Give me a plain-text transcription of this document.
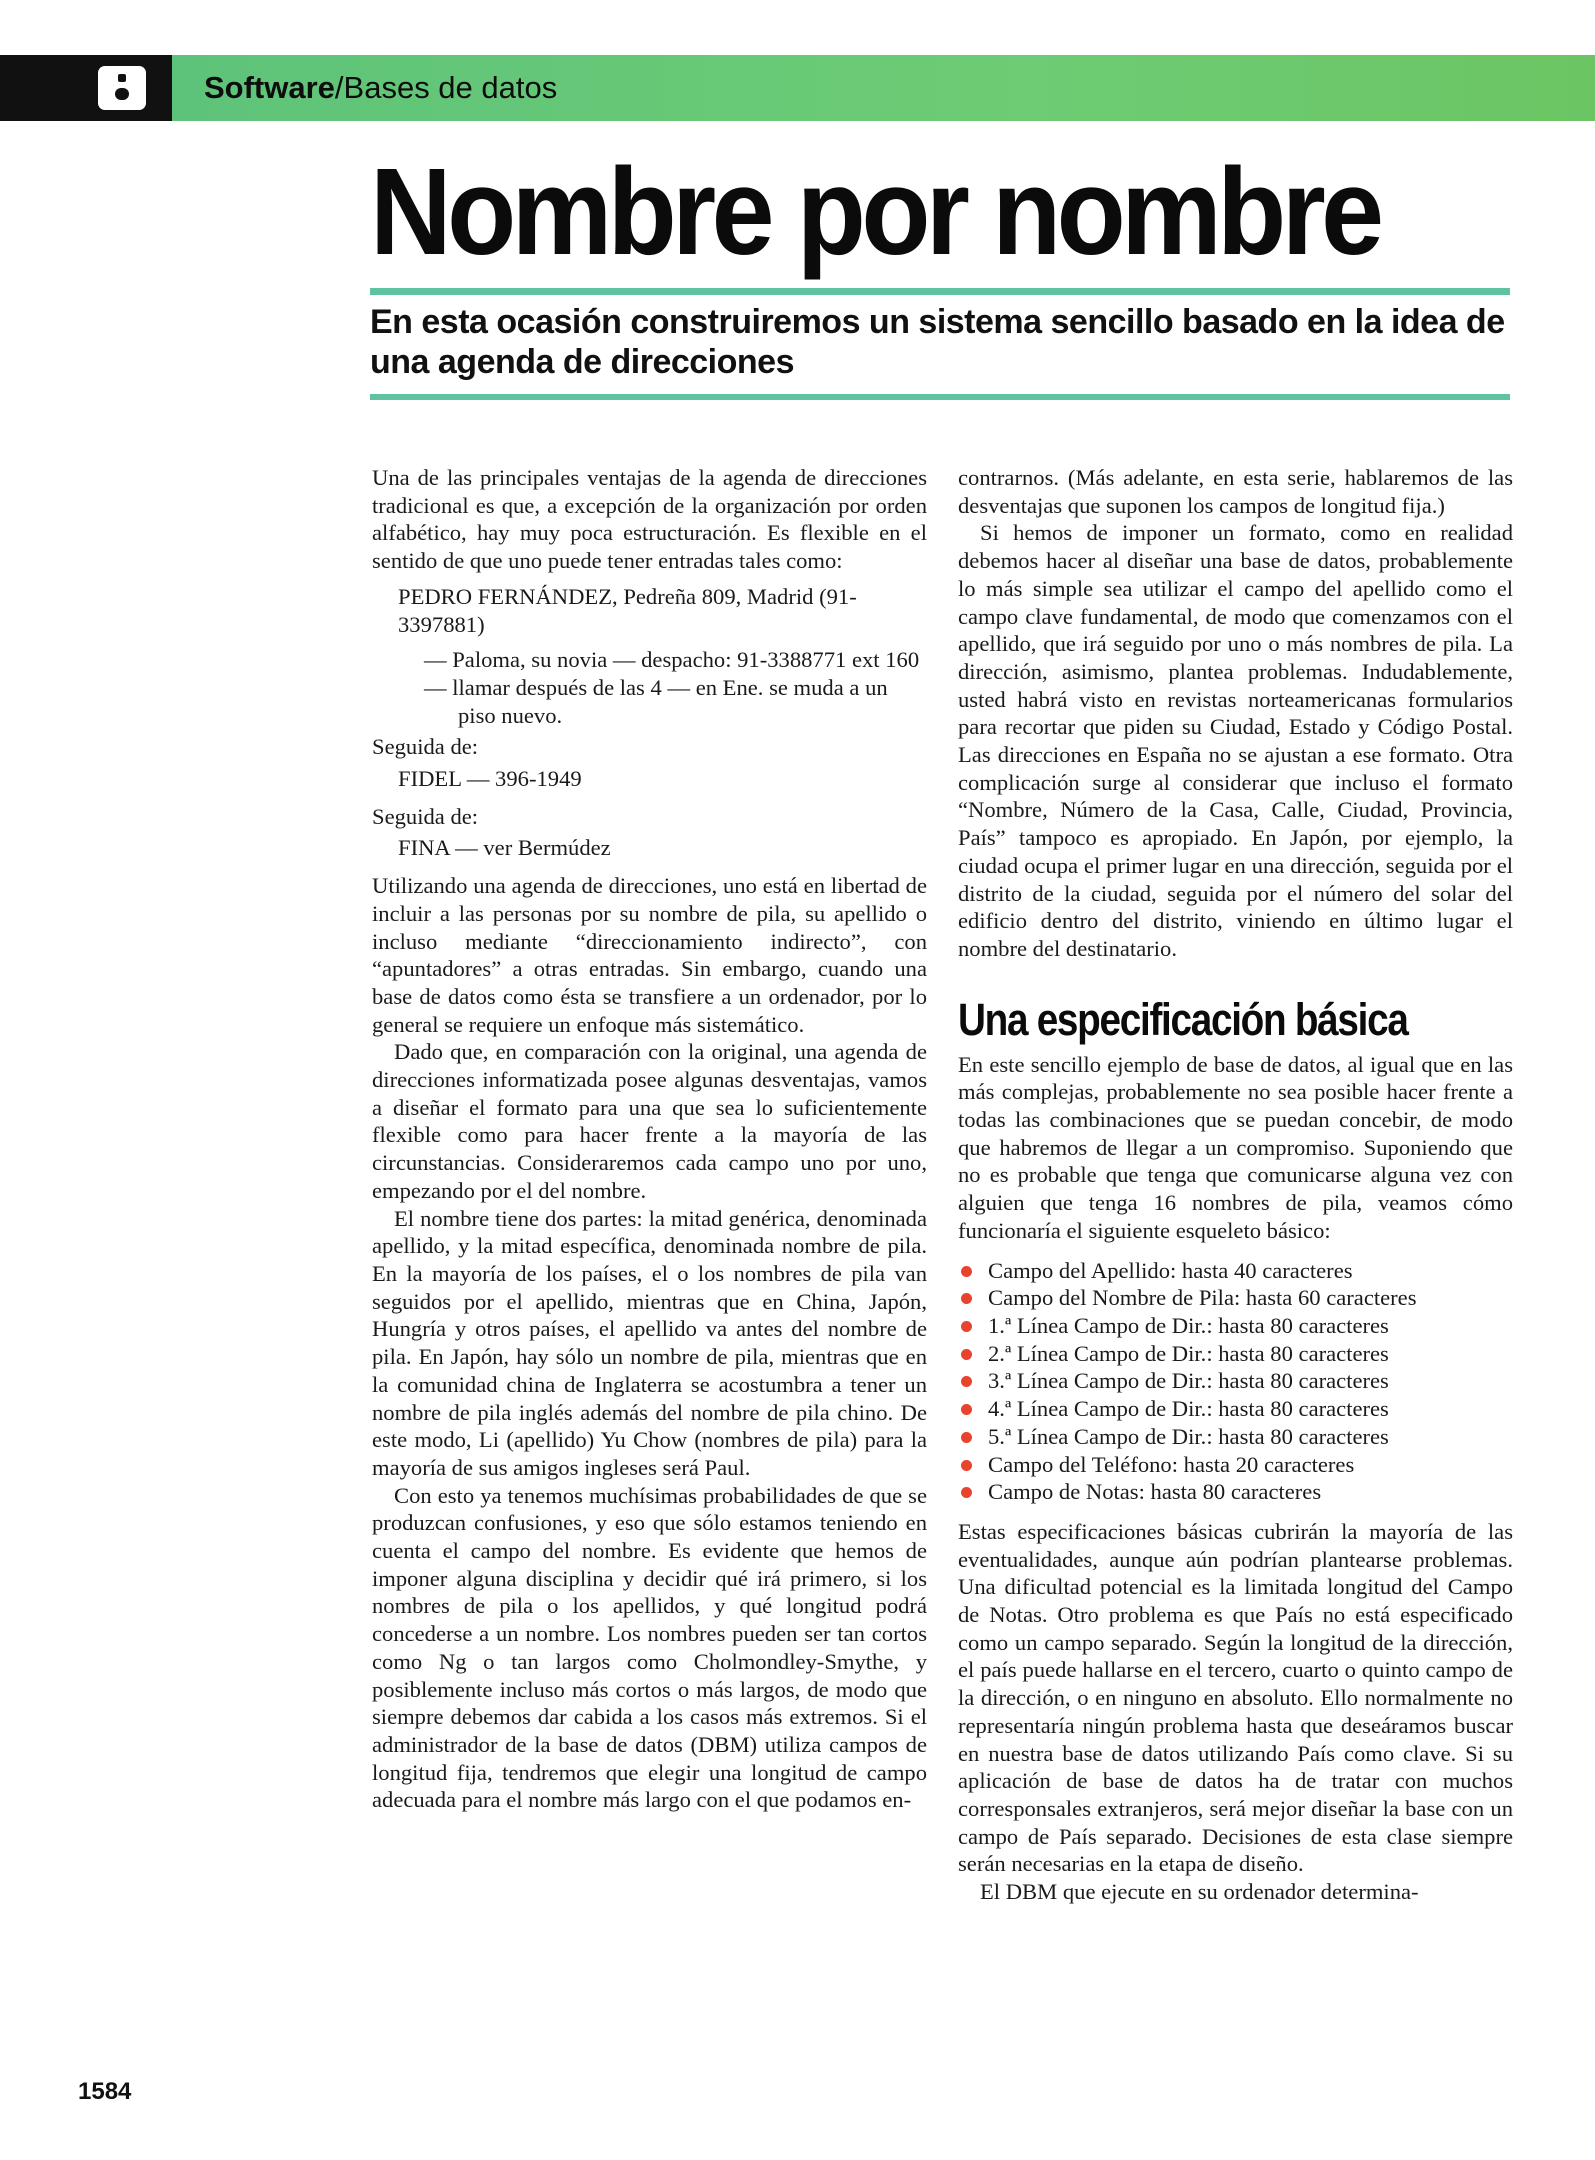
Software/Bases de datos
Nombre por nombre
En esta ocasión construiremos un sistema sencillo basado en la idea de una agenda de direcciones

Una de las principales ventajas de la agenda de direcciones tradicional es que, a excepción de la organización por orden alfabético, hay muy poca estructuración. Es flexible en el sentido de que uno puede tener entradas tales como:

PEDRO FERNÁNDEZ, Pedreña 809, Madrid (91-3397881)

— Paloma, su novia — despacho: 91-3388771 ext 160

— llamar después de las 4 — en Ene. se muda a un piso nuevo.

Seguida de:

FIDEL — 396-1949

Seguida de:

FINA — ver Bermúdez

Utilizando una agenda de direcciones, uno está en libertad de incluir a las personas por su nombre de pila, su apellido o incluso mediante “direccionamiento indirecto”, con “apuntadores” a otras entradas. Sin embargo, cuando una base de datos como ésta se transfiere a un ordenador, por lo general se requiere un enfoque más sistemático.

Dado que, en comparación con la original, una agenda de direcciones informatizada posee algunas desventajas, vamos a diseñar el formato para una que sea lo suficientemente flexible como para hacer frente a la mayoría de las circunstancias. Consideraremos cada campo uno por uno, empezando por el del nombre.

El nombre tiene dos partes: la mitad genérica, denominada apellido, y la mitad específica, denominada nombre de pila. En la mayoría de los países, el o los nombres de pila van seguidos por el apellido, mientras que en China, Japón, Hungría y otros países, el apellido va antes del nombre de pila. En Japón, hay sólo un nombre de pila, mientras que en la comunidad china de Inglaterra se acostumbra a tener un nombre de pila inglés además del nombre de pila chino. De este modo, Li (apellido) Yu Chow (nombres de pila) para la mayoría de sus amigos ingleses será Paul.

Con esto ya tenemos muchísimas probabilidades de que se produzcan confusiones, y eso que sólo estamos teniendo en cuenta el campo del nombre. Es evidente que hemos de imponer alguna disciplina y decidir qué irá primero, si los nombres de pila o los apellidos, y qué longitud podrá concederse a un nombre. Los nombres pueden ser tan cortos como Ng o tan largos como Cholmondley-Smythe, y posiblemente incluso más cortos o más largos, de modo que siempre debemos dar cabida a los casos más extremos. Si el administrador de la base de datos (DBM) utiliza campos de longitud fija, tendremos que elegir una longitud de campo adecuada para el nombre más largo con el que podamos en-

contrarnos. (Más adelante, en esta serie, hablaremos de las desventajas que suponen los campos de longitud fija.)

Si hemos de imponer un formato, como en realidad debemos hacer al diseñar una base de datos, probablemente lo más simple sea utilizar el campo del apellido como el campo clave fundamental, de modo que comenzamos con el apellido, que irá seguido por uno o más nombres de pila. La dirección, asimismo, plantea problemas. Indudablemente, usted habrá visto en revistas norteamericanas formularios para recortar que piden su Ciudad, Estado y Código Postal. Las direcciones en España no se ajustan a ese formato. Otra complicación surge al considerar que incluso el formato “Nombre, Número de la Casa, Calle, Ciudad, Provincia, País” tampoco es apropiado. En Japón, por ejemplo, la ciudad ocupa el primer lugar en una dirección, seguida por el distrito de la ciudad, seguida por el número del solar del edificio dentro del distrito, viniendo en último lugar el nombre del destinatario.

Una especificación básica

En este sencillo ejemplo de base de datos, al igual que en las más complejas, probablemente no sea posible hacer frente a todas las combinaciones que se puedan concebir, de modo que habremos de llegar a un compromiso. Suponiendo que no es probable que tenga que comunicarse alguna vez con alguien que tenga 16 nombres de pila, veamos cómo funcionaría el siguiente esqueleto básico:

Campo del Apellido: hasta 40 caracteres
Campo del Nombre de Pila: hasta 60 caracteres
1.ª Línea Campo de Dir.: hasta 80 caracteres
2.ª Línea Campo de Dir.: hasta 80 caracteres
3.ª Línea Campo de Dir.: hasta 80 caracteres
4.ª Línea Campo de Dir.: hasta 80 caracteres
5.ª Línea Campo de Dir.: hasta 80 caracteres
Campo del Teléfono: hasta 20 caracteres
Campo de Notas: hasta 80 caracteres

Estas especificaciones básicas cubrirán la mayoría de las eventualidades, aunque aún podrían plantearse problemas. Una dificultad potencial es la limitada longitud del Campo de Notas. Otro problema es que País no está especificado como un campo separado. Según la longitud de la dirección, el país puede hallarse en el tercero, cuarto o quinto campo de la dirección, o en ninguno en absoluto. Ello normalmente no representaría ningún problema hasta que deseáramos buscar en nuestra base de datos utilizando País como clave. Si su aplicación de base de datos ha de tratar con muchos corresponsales extranjeros, será mejor diseñar la base con un campo de País separado. Decisiones de esta clase siempre serán necesarias en la etapa de diseño.

El DBM que ejecute en su ordenador determina-

1584
